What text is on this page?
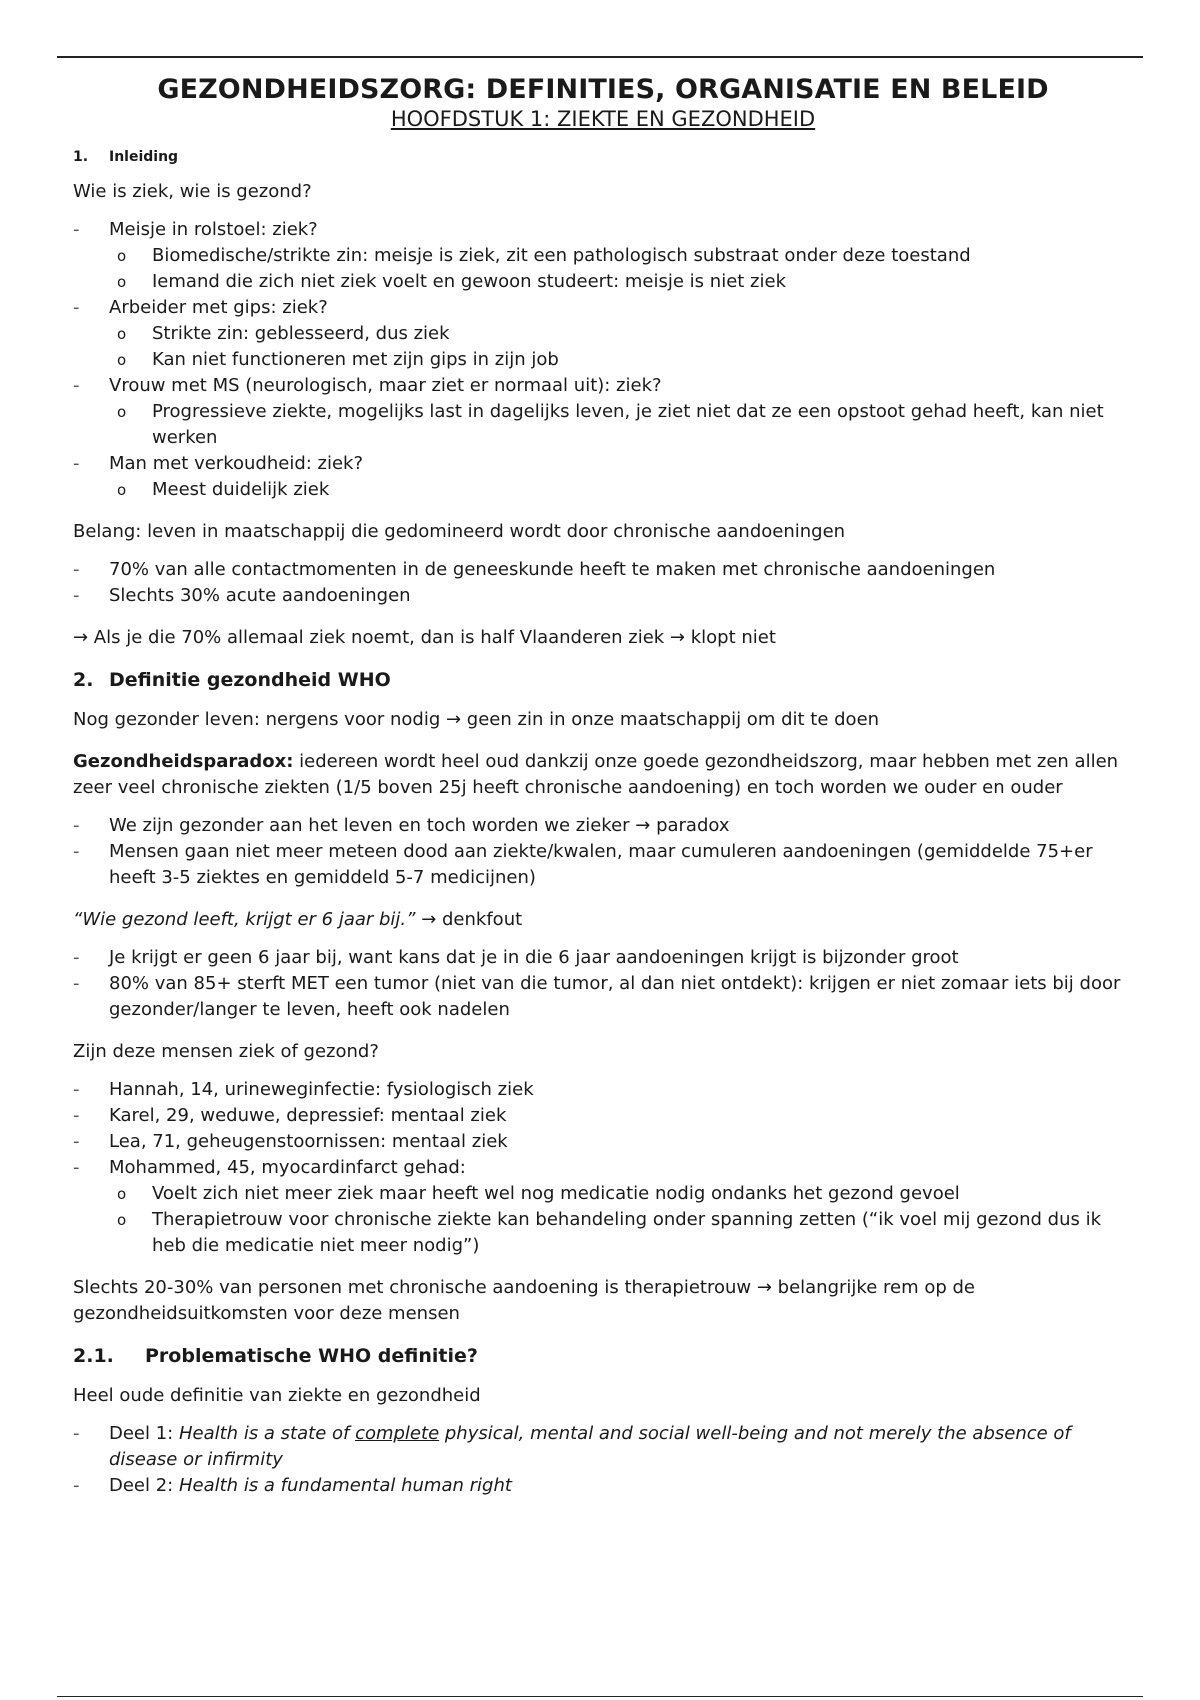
GEZONDHEIDSZORG: DEFINITIES, ORGANISATIE EN BELEID
HOOFDSTUK 1: ZIEKTE EN GEZONDHEID
1.	Inleiding

Wie is ziek, wie is gezond?

- Meisje in rolstoel: ziek?
o Biomedische/strikte zin: meisje is ziek, zit een pathologisch substraat onder deze toestand
o Iemand die zich niet ziek voelt en gewoon studeert: meisje is niet ziek
- Arbeider met gips: ziek?
o Strikte zin: geblesseerd, dus ziek
o Kan niet functioneren met zijn gips in zijn job
- Vrouw met MS (neurologisch, maar ziet er normaal uit): ziek?
o Progressieve ziekte, mogelijks last in dagelijks leven, je ziet niet dat ze een opstoot gehad heeft, kan niet werken
- Man met verkoudheid: ziek?
o Meest duidelijk ziek

Belang: leven in maatschappij die gedomineerd wordt door chronische aandoeningen

- 70% van alle contactmomenten in de geneeskunde heeft te maken met chronische aandoeningen
- Slechts 30% acute aandoeningen

→ Als je die 70% allemaal ziek noemt, dan is half Vlaanderen ziek → klopt niet

2. Definitie gezondheid WHO

Nog gezonder leven: nergens voor nodig → geen zin in onze maatschappij om dit te doen

Gezondheidsparadox: iedereen wordt heel oud dankzij onze goede gezondheidszorg, maar hebben met zen allen zeer veel chronische ziekten (1/5 boven 25j heeft chronische aandoening) en toch worden we ouder en ouder

- We zijn gezonder aan het leven en toch worden we zieker → paradox
- Mensen gaan niet meer meteen dood aan ziekte/kwalen, maar cumuleren aandoeningen (gemiddelde 75+er heeft 3-5 ziektes en gemiddeld 5-7 medicijnen)

“Wie gezond leeft, krijgt er 6 jaar bij.” → denkfout

- Je krijgt er geen 6 jaar bij, want kans dat je in die 6 jaar aandoeningen krijgt is bijzonder groot
- 80% van 85+ sterft MET een tumor (niet van die tumor, al dan niet ontdekt): krijgen er niet zomaar iets bij door gezonder/langer te leven, heeft ook nadelen

Zijn deze mensen ziek of gezond?

- Hannah, 14, urineweginfectie: fysiologisch ziek
- Karel, 29, weduwe, depressief: mentaal ziek
- Lea, 71, geheugenstoornissen: mentaal ziek
- Mohammed, 45, myocardinfarct gehad:
o Voelt zich niet meer ziek maar heeft wel nog medicatie nodig ondanks het gezond gevoel
o Therapietrouw voor chronische ziekte kan behandeling onder spanning zetten (“ik voel mij gezond dus ik heb die medicatie niet meer nodig”)

Slechts 20-30% van personen met chronische aandoening is therapietrouw → belangrijke rem op de gezondheidsuitkomsten voor deze mensen

2.1.	Problematische WHO definitie?

Heel oude definitie van ziekte en gezondheid

- Deel 1: Health is a state of complete physical, mental and social well-being and not merely the absence of disease or infirmity
- Deel 2: Health is a fundamental human right
